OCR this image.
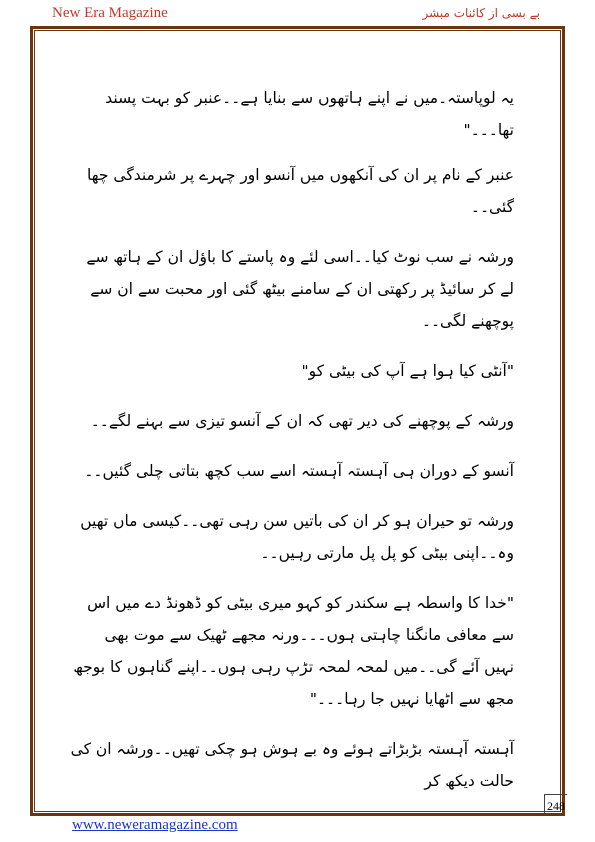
New Era Magazine	بے بسی از کائنات مبشر

یہ لوپاستہ۔میں نے اپنے ہاتھوں سے بنایا ہے۔۔عنبر کو بہت پسند تھا۔۔۔"

عنبر کے نام پر ان کی آنکھوں میں آنسو اور چہرے پر شرمندگی چھا گئی۔۔

ورشہ نے سب نوٹ کیا۔۔اسی لئے وہ پاستے کا باؤل ان کے ہاتھ سے لے کر سائیڈ پر رکھتی ان کے سامنے بیٹھ گئی اور محبت سے ان سے پوچھنے لگی۔۔

"آنٹی کیا ہوا ہے آپ کی بیٹی کو"

ورشہ کے پوچھنے کی دیر تھی کہ ان کے آنسو تیزی سے بہنے لگے۔۔

آنسو کے دوران ہی آہستہ آہستہ اسے سب کچھ بتاتی چلی گئیں۔۔

ورشہ تو حیران ہو کر ان کی باتیں سن رہی تھی۔۔کیسی ماں تھیں وہ۔۔اپنی بیٹی کو پل پل مارتی رہیں۔۔

"خدا کا واسطہ ہے سکندر کو کہو میری بیٹی کو ڈھونڈ دے میں اس سے معافی مانگنا چاہتی ہوں۔۔۔ورنہ مجھے ٹھیک سے موت بھی نہیں آئے گی۔۔میں لمحہ لمحہ تڑپ رہی ہوں۔۔اپنے گناہوں کا بوجھ مجھ سے اٹھایا نہیں جا رہا۔۔۔"

آہستہ آہستہ بڑبڑاتے ہوئے وہ بے ہوش ہو چکی تھیں۔۔ورشہ ان کی حالت دیکھ کر

248
www.neweramagazine.com
